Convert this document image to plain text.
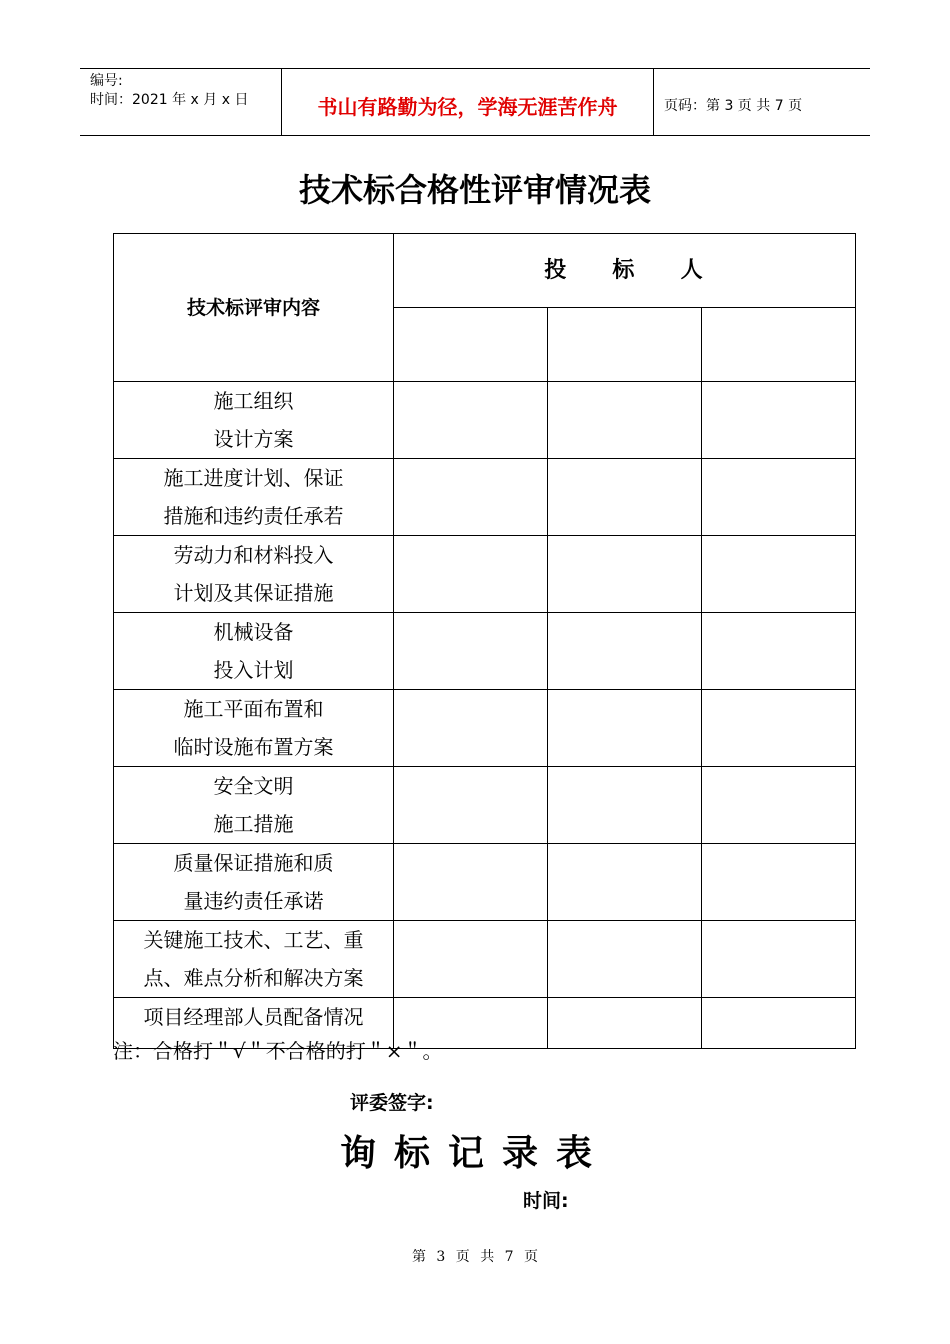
编号:
时间：2021 年 x 月 x 日	书山有路勤为径，学海无涯苦作舟	页码：第 3 页 共 7 页
技术标合格性评审情况表
技术标评审内容	投 标 人		

施工组织
设计方案			

施工进度计划、保证
措施和违约责任承若			

劳动力和材料投入
计划及其保证措施			

机械设备
投入计划			

施工平面布置和
临时设施布置方案			

安全文明
施工措施			

质量保证措施和质
量违约责任承诺			

关键施工技术、工艺、重
点、难点分析和解决方案			

项目经理部人员配备情况			

注：合格打＂√＂不合格的打＂×＂。
评委签字:
询标记录表
时间:
第 3 页 共 7 页
